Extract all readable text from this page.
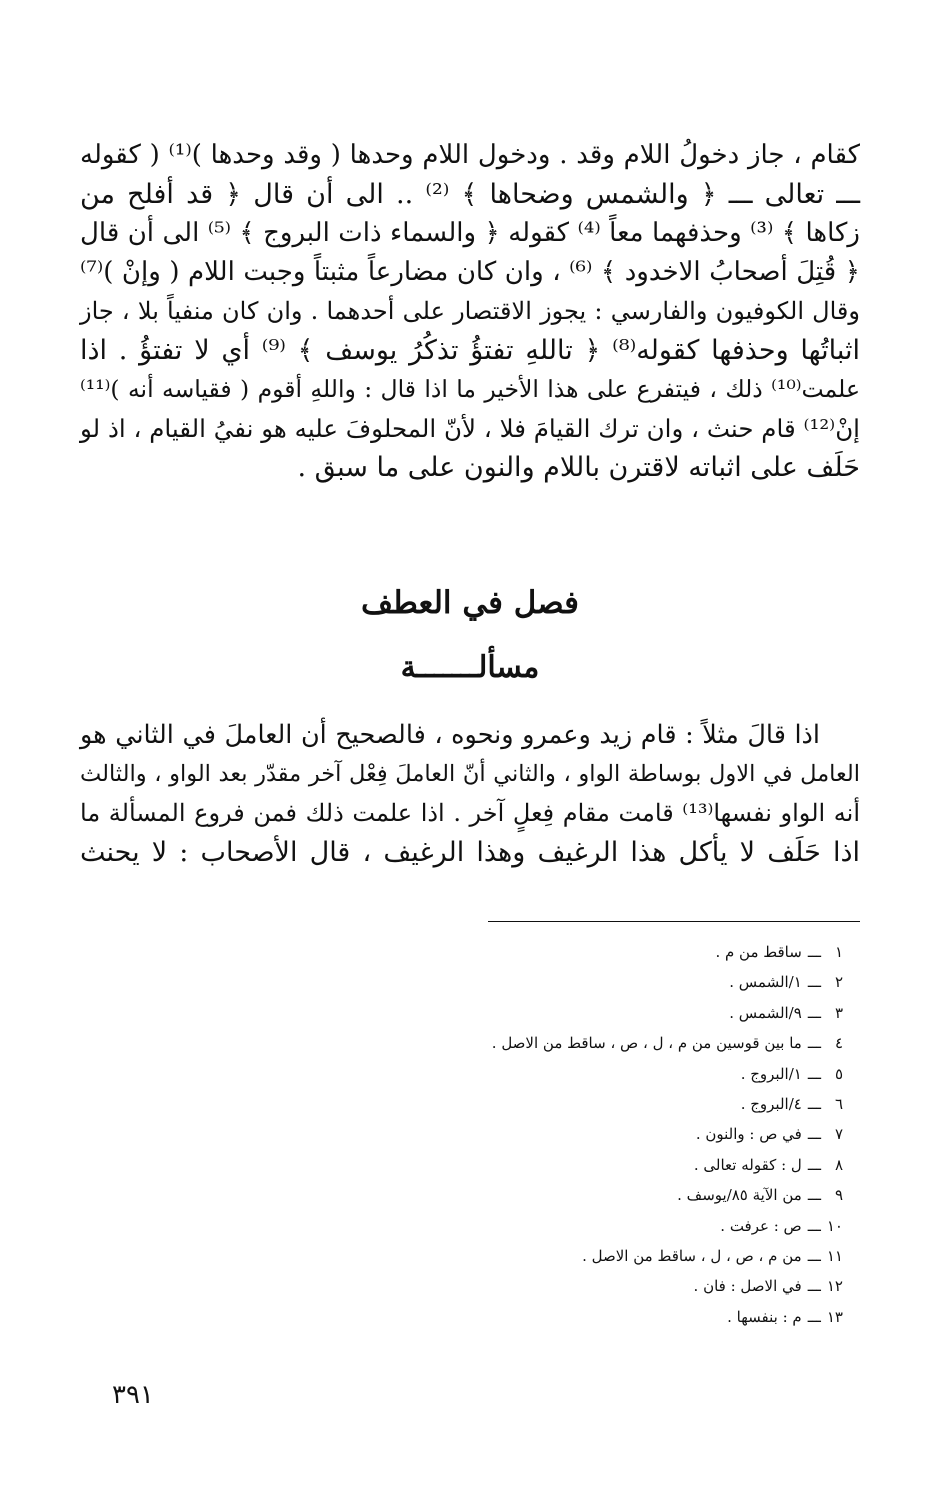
كقام ، جاز دخولُ اللام وقد . ودخول اللام وحدها ( وقد وحدها )⁽¹⁾ ( كقوله
ـــ تعالى ـــ ﴿ والشمس وضحاها ﴾ ⁽²⁾ .. الى أن قال ﴿ قد أفلح من
زكاها ﴾ ⁽³⁾ وحذفهما معاً ⁽⁴⁾ كقوله ﴿ والسماء ذات البروج ﴾ ⁽⁵⁾ الى أن قال
﴿ قُتِلَ أصحابُ الاخدود ﴾ ⁽⁶⁾ ، وان كان مضارعاً مثبتاً وجبت اللام ( وإنْ )⁽⁷⁾
وقال الكوفيون والفارسي : يجوز الاقتصار على أحدهما . وان كان منفياً بلا ، جاز
اثباتُها وحذفها كقوله⁽⁸⁾ ﴿ تاللهِ تفتؤُ تذكُرُ يوسف ﴾ ⁽⁹⁾ أي لا تفتؤُ . اذا
علمت⁽¹⁰⁾ ذلك ، فيتفرع على هذا الأخير ما اذا قال : واللهِ أقوم ( فقياسه أنه )⁽¹¹⁾
إنْ⁽¹²⁾ قام حنث ، وان ترك القيامَ فلا ، لأنّ المحلوفَ عليه هو نفيُ القيام ، اذ لو
حَلَف على اثباته لاقترن باللام والنون على ما سبق .
فصل في العطف
مسألـــــــة
اذا قالَ مثلاً : قام زيد وعمرو ونحوه ، فالصحيح أن العاملَ في الثاني هو
العامل في الاول بوساطة الواو ، والثاني أنّ العاملَ فِعْل آخر مقدّر بعد الواو ، والثالث
أنه الواو نفسها⁽¹³⁾ قامت مقام فِعلٍ آخر . اذا علمت ذلك فمن فروع المسألة ما
اذا حَلَف لا يأكل هذا الرغيف وهذا الرغيف ، قال الأصحاب : لا يحنث
١
ـــ
ساقط من م .
٢
ـــ
١/الشمس .
٣
ـــ
٩/الشمس .
٤
ـــ
ما بين قوسين من م ، ل ، ص ، ساقط من الاصل .
٥
ـــ
١/البروج .
٦
ـــ
٤/البروج .
٧
ـــ
في ص : والنون .
٨
ـــ
ل : كقوله تعالى .
٩
ـــ
من الآية ٨٥/يوسف .
١٠
ـــ
ص : عرفت .
١١
ـــ
من م ، ص ، ل ، ساقط من الاصل .
١٢
ـــ
في الاصل : فان .
١٣
ـــ
م : بنفسها .
٣٩١
